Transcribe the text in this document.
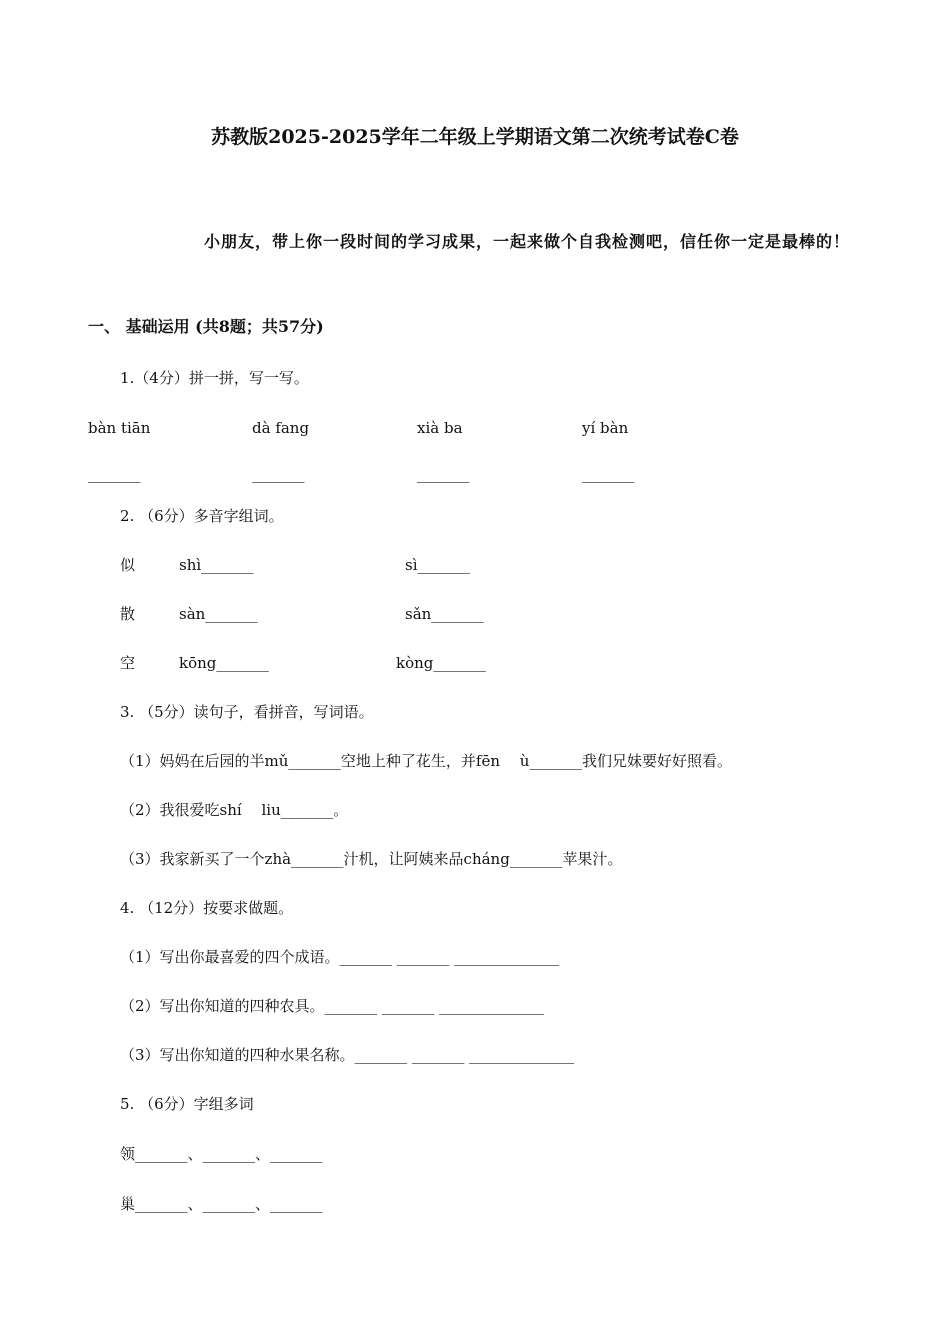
苏教版2025-2025学年二年级上学期语文第二次统考试卷C卷
小朋友，带上你一段时间的学习成果，一起来做个自我检测吧，信任你一定是最棒的！
一、 基础运用 (共8题；共57分)
1.（4分）拼一拼，写一写。
bàn tiān	dà fang	xià ba	yí bàn
_______	_______	_______	_______
2. （6分）多音字组词。
似	shì_______	sì_______
散	sàn_______	sǎn_______
空	kōng_______	kòng_______
3. （5分）读句子，看拼音，写词语。
（1）妈妈在后园的半mǔ_______空地上种了花生，并fēn　 ù_______我们兄妹要好好照看。
（2）我很爱吃shí　 liu_______。
（3）我家新买了一个zhà_______汁机，让阿姨来品cháng_______苹果汁。
4. （12分）按要求做题。
（1）写出你最喜爱的四个成语。_______ _______ ______________
（2）写出你知道的四种农具。_______ _______ ______________
（3）写出你知道的四种水果名称。_______ _______ ______________
5. （6分）字组多词
领_______、_______、_______
巢_______、_______、_______
